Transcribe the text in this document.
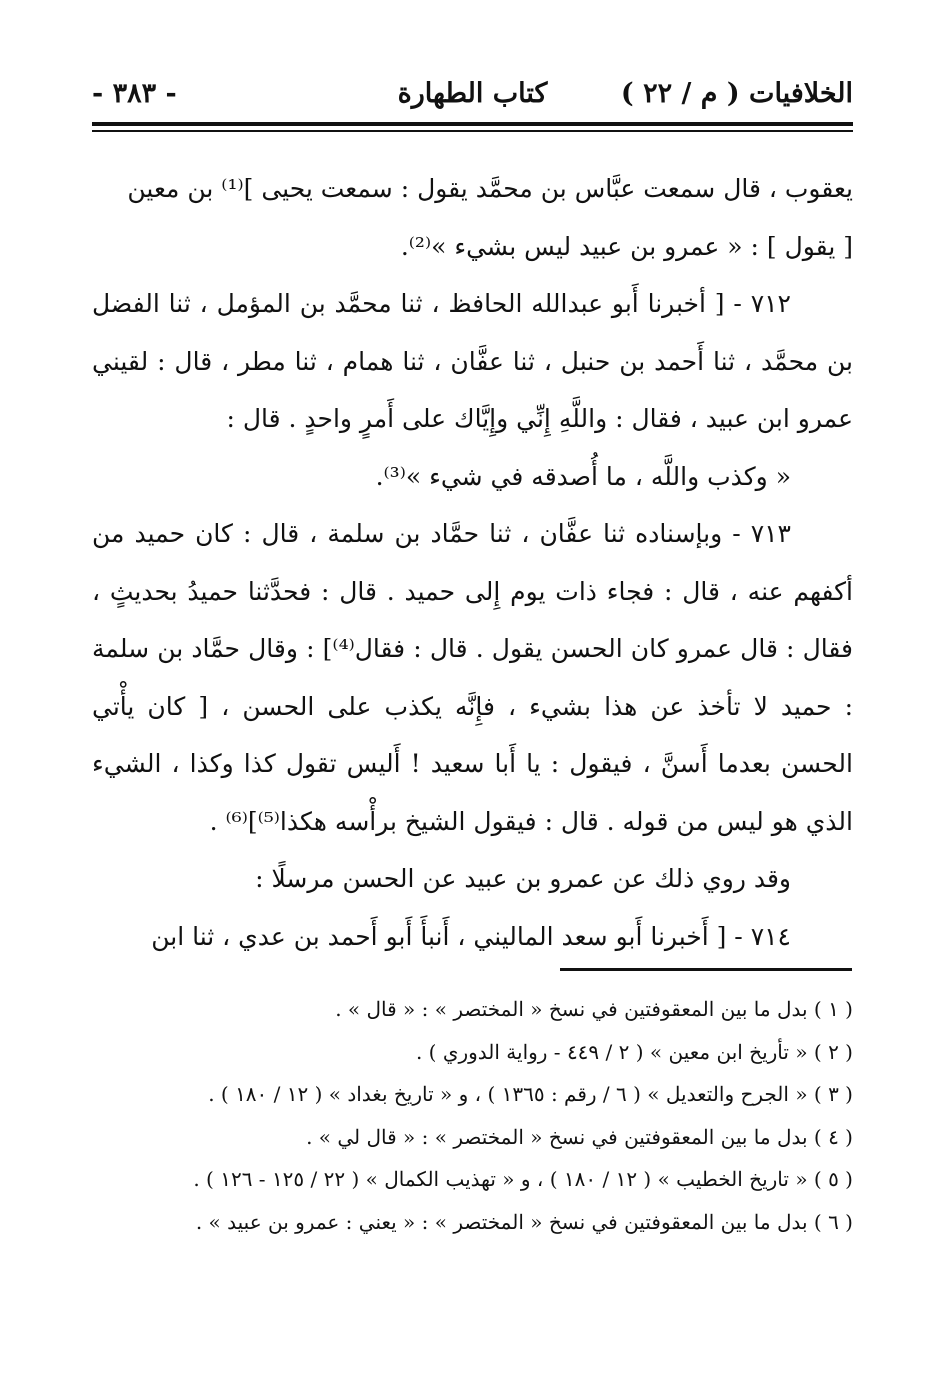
الخلافيات ( م / ٢٢ )
كتاب الطهارة
- ٣٨٣ -

يعقوب ، قال سمعت عبَّاس بن محمَّد يقول : سمعت يحيى ]⁽¹⁾ بن معين

[ يقول ] : « عمرو بن عبيد ليس بشيء »⁽²⁾.

٧١٢ - [ أخبرنا أَبو عبدالله الحافظ ، ثنا محمَّد بن المؤمل ، ثنا الفضل بن محمَّد ، ثنا أَحمد بن حنبل ، ثنا عفَّان ، ثنا همام ، ثنا مطر ، قال : لقيني عمرو ابن عبيد ، فقال : واللَّهِ إِنِّي وإِيَّاك على أَمرٍ واحدٍ . قال :

« وكذب واللَّه ، ما أُصدقه في شيء »⁽³⁾.

٧١٣ - وبإسناده ثنا عفَّان ، ثنا حمَّاد بن سلمة ، قال : كان حميد من أكفهم عنه ، قال : فجاء ذات يوم إِلى حميد . قال : فحدَّثنا حميدُ بحديثٍ ، فقال : قال عمرو كان الحسن يقول . قال : فقال⁽⁴⁾] : وقال حمَّاد بن سلمة : حميد لا تأخذ عن هذا بشيء ، فإِنَّه يكذب على الحسن ، [ كان يأْتي الحسن بعدما أَسنَّ ، فيقول : يا أَبا سعيد ! أَليس تقول كذا وكذا ، الشيء الذي هو ليس من قوله . قال : فيقول الشيخ برأْسه هكذا⁽⁵⁾]⁽⁶⁾ .

وقد روي ذلك عن عمرو بن عبيد عن الحسن مرسلًا :

٧١٤ - [ أَخبرنا أَبو سعد الماليني ، أَنبأَ أَبو أَحمد بن عدي ، ثنا ابن

( ١ ) بدل ما بين المعقوفتين في نسخ « المختصر » : « قال » .

( ٢ ) « تأريخ ابن معين » ( ٢ / ٤٤٩ - رواية الدوري ) .

( ٣ ) « الجرح والتعديل » ( ٦ / رقم : ١٣٦٥ ) ، و « تاريخ بغداد » ( ١٢ / ١٨٠ ) .

( ٤ ) بدل ما بين المعقوفتين في نسخ « المختصر » : « قال لي » .

( ٥ ) « تاريخ الخطيب » ( ١٢ / ١٨٠ ) ، و « تهذيب الكمال » ( ٢٢ / ١٢٥ - ١٢٦ ) .

( ٦ ) بدل ما بين المعقوفتين في نسخ « المختصر » : « يعني : عمرو بن عبيد » .
